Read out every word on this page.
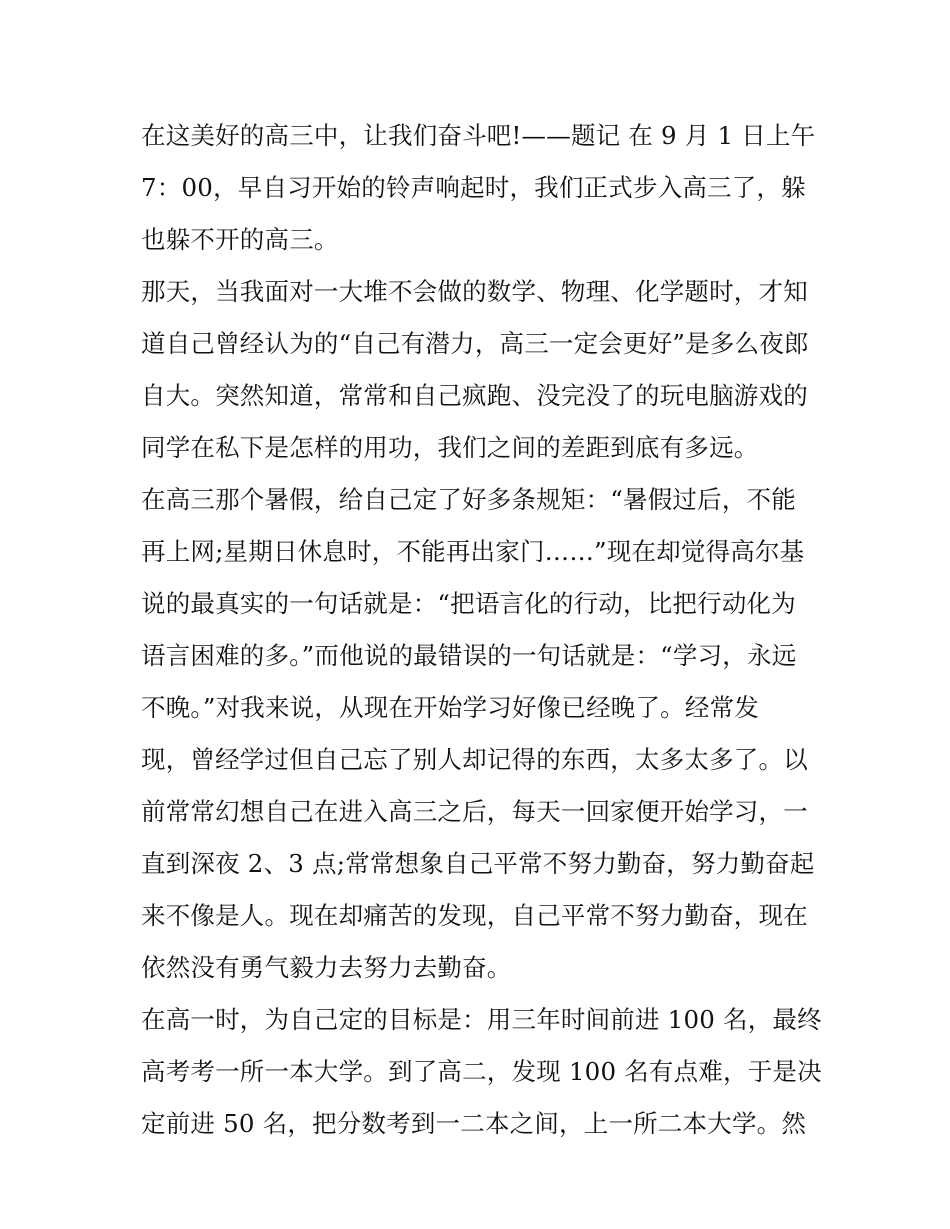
在这美好的高三中，让我们奋斗吧!——题记 在 9 月 1 日上午
7：00，早自习开始的铃声响起时，我们正式步入高三了，躲
也躲不开的高三。
那天，当我面对一大堆不会做的数学、物理、化学题时，才知
道自己曾经认为的“自己有潜力，高三一定会更好”是多么夜郎
自大。突然知道，常常和自己疯跑、没完没了的玩电脑游戏的
同学在私下是怎样的用功，我们之间的差距到底有多远。
在高三那个暑假，给自己定了好多条规矩：“暑假过后，不能
再上网;星期日休息时，不能再出家门……”现在却觉得高尔基
说的最真实的一句话就是：“把语言化的行动，比把行动化为
语言困难的多。”而他说的最错误的一句话就是：“学习，永远
不晚。”对我来说，从现在开始学习好像已经晚了。经常发
现，曾经学过但自己忘了别人却记得的东西，太多太多了。以
前常常幻想自己在进入高三之后，每天一回家便开始学习，一
直到深夜 2、3 点;常常想象自己平常不努力勤奋，努力勤奋起
来不像是人。现在却痛苦的发现，自己平常不努力勤奋，现在
依然没有勇气毅力去努力去勤奋。
在高一时，为自己定的目标是：用三年时间前进 100 名，最终
高考考一所一本大学。到了高二，发现 100 名有点难，于是决
定前进 50 名，把分数考到一二本之间，上一所二本大学。然
